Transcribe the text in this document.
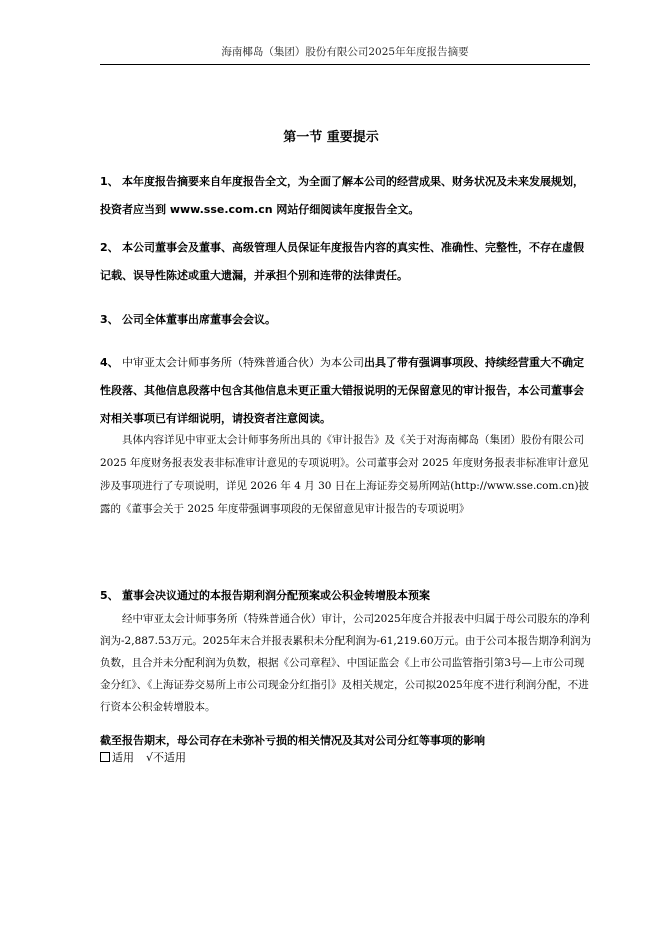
海南椰岛（集团）股份有限公司2025年年度报告摘要
第一节 重要提示
1、 本年度报告摘要来自年度报告全文，为全面了解本公司的经营成果、财务状况及未来发展规划，投资者应当到 www.sse.com.cn 网站仔细阅读年度报告全文。
2、 本公司董事会及董事、高级管理人员保证年度报告内容的真实性、准确性、完整性，不存在虚假记载、误导性陈述或重大遗漏，并承担个别和连带的法律责任。
3、 公司全体董事出席董事会会议。
4、 中审亚太会计师事务所（特殊普通合伙）为本公司出具了带有强调事项段、持续经营重大不确定性段落、其他信息段落中包含其他信息未更正重大错报说明的无保留意见的审计报告，本公司董事会对相关事项已有详细说明，请投资者注意阅读。
具体内容详见中审亚太会计师事务所出具的《审计报告》及《关于对海南椰岛（集团）股份有限公司 2025 年度财务报表发表非标准审计意见的专项说明》。公司董事会对 2025 年度财务报表非标准审计意见涉及事项进行了专项说明，详见 2026 年 4 月 30 日在上海证券交易所网站(http://www.sse.com.cn)披露的《董事会关于 2025 年度带强调事项段的无保留意见审计报告的专项说明》
5、 董事会决议通过的本报告期利润分配预案或公积金转增股本预案
经中审亚太会计师事务所（特殊普通合伙）审计，公司2025年度合并报表中归属于母公司股东的净利润为-2,887.53万元。2025年末合并报表累积未分配利润为-61,219.60万元。由于公司本报告期净利润为负数，且合并未分配利润为负数，根据《公司章程》、中国证监会《上市公司监管指引第3号—上市公司现金分红》、《上海证券交易所上市公司现金分红指引》及相关规定，公司拟2025年度不进行利润分配，不进行资本公积金转增股本。
截至报告期末，母公司存在未弥补亏损的相关情况及其对公司分红等事项的影响
适用 √不适用
